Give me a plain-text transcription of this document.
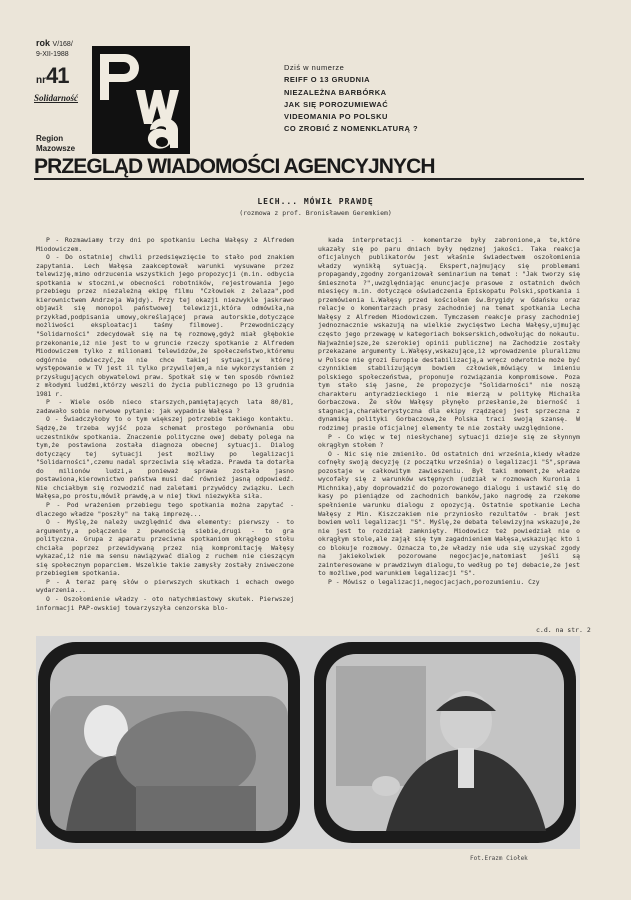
rok V/168/
9-XII-1988
nr41
Solidarność
Region
Mazowsze
Dziś w numerze
REIFF O 13 GRUDNIA
NIEZALEŻNA BARBÓRKA
JAK SIĘ POROZUMIEWAĆ
VIDEOMANIA PO POLSKU
CO ZROBIĆ Z NOMENKLATURĄ ?
PRZEGLĄD WIADOMOŚCI AGENCYJNYCH
LECH... MÓWIŁ PRAWDĘ
(rozmowa z prof. Bronisławem Geremkiem)

P - Rozmawiamy trzy dni po spotkaniu Lecha Wałęsy z Alfredem Miodowiczem.

O - Do ostatniej chwili przedsięwzięcie to stało pod znakiem zapytania. Lech Wałęsa zaakceptował warunki wysuwane przez telewizję,mimo odrzucenia wszystkich jego propozycji (m.in. odbycia spotkania w stoczni,w obecności robotników, rejestrowania jego przebiegu przez niezależną ekipę filmu "Człowiek z żelaza",pod kierownictwem Andrzeja Wajdy). Przy tej okazji niezwykle jaskrawo objawił się monopol państwowej telewizji,która odmówiła,na przykład,podpisania umowy,określającej prawa autorskie,dotyczące możliwości eksploatacji taśmy filmowej. Przewodniczący "Solidarności" zdecydował się na tę rozmowę,gdyż miał głębokie przekonanie,iż nie jest to w gruncie rzeczy spotkanie z Alfredem Miodowiczem tylko z milionami telewidzów,że społeczeństwo,któremu odgórnie odwieczyć,że nie chce takiej sytuacji,w której występowanie w TV jest il tylko przywilejem,a nie wykorzystaniem z przysługujących obywatelowi praw. Spotkał się w ten sposób również z młodymi ludźmi,którzy weszli do życia publicznego po 13 grudnia 1981 r.

P - Wiele osób nieco starszych,pamiętających lata 80/81, zadawało sobie nerwowe pytanie: jak wypadnie Wałęsa ?

O - Świadczyłoby to o tym większej potrzebie takiego kontaktu. Sądzę,że trzeba wyjść poza schemat prostego porównania obu uczestników spotkania. Znaczenie polityczne owej debaty polega na tym,że postawiona została diagnoza obecnej sytuacji. Dialog dotyczący tej sytuacji jest możliwy po legalizacji "Solidarności",czemu nadal sprzeciwia się władza. Prawda ta dotarła do milionów ludzi,a ponieważ sprawa została jasno postawiona,kierownictwo państwa musi dać również jasną odpowiedź. Nie chciałbym się rozwodzić nad zaletami przywódcy związku. Lech Wałęsa,po prostu,mówił prawdę,a w niej tkwi niezwykła siła.

P - Pod wrażeniem przebiegu tego spotkania można zapytać - dlaczego władze "poszły" na taką imprezę...

O - Myślę,że należy uwzględnić dwa elementy: pierwszy - to argumenty,a połączenie z pewnością siebie,drugi - to gra polityczna. Grupa z aparatu przeciwna spotkaniom okrągłego stołu chciała poprzez przewidywaną przez nią kompromitację Wałęsy wykazać,iż nie ma sensu nawiązywać dialog z ruchem nie cieszącym się społecznym poparciem. Wszelkie takie zamysły zostały zniweczone przebiegiem spotkania.

P - A teraz parę słów o pierwszych skutkach i echach owego wydarzenia...

O - Oszołomienie władzy - oto natychmiastowy skutek. Pierwszej informacji PAP-owskiej towarzyszyła cenzorska blo-

kada interpretacji - komentarze były zabronione,a te,które ukazały się po paru dniach były nędznej jakości. Taka reakcja oficjalnych publikatorów jest właśnie świadectwem oszołomienia władzy wynikłą sytuacją. Ekspert,najmujący się problemami propagandy,zgodny zorganizował seminarium na temat : "Jak tworzy się śmiesznota ?",uwzględniając enuncjacje prasowe z ostatnich dwóch miesięcy m.in. dotyczące oświadczenia Episkopatu Polski,spotkania i przemówienia L.Wałęsy przed kościołem św.Brygidy w Gdańsku oraz relacje o komentarzach prasy zachodniej na temat spotkania Lecha Wałęsy z Alfredem Miodowiczem. Tymczasem reakcje prasy zachodniej jednoznacznie wskazują na wielkie zwycięstwo Lecha Wałęsy,ujmując często jego przewagę w kategoriach bokserskich,odwołując do nokautu. Najważniejsze,że szerokiej opinii publicznej na Zachodzie zostały przekazane argumenty L.Wałęsy,wskazujące,iż wprowadzenie pluralizmu w Polsce nie grozi Europie destabilizacją,a wręcz odwrotnie może być czynnikiem stabilizującym bowiem człowiek,mówiący w imieniu polskiego społeczeństwa, proponuje rozwiązania kompromisowe. Poza tym stało się jasne, że propozycje "Solidarności" nie noszą charakteru antyradzieckiego i nie mierzą w politykę Michaiła Gorbaczowa. Że słów Wałęsy płynęło przesłanie,że bierność i stagnacja,charakterystyczna dla ekipy rządzącej jest sprzeczna z dynamiką polityki Gorbaczowa,że Polska traci swoją szansę. W rodzimej prasie oficjalnej elementy te nie zostały uwzględnione.

P - Co więc w tej niesłychanej sytuacji dzieje się ze słynnym okrągłym stołem ?

O - Nic się nie zmieniło. Od ostatnich dni września,kiedy władze cofnęły swoją decyzję (z początku września) o legalizacji "S",sprawa pozostaje w całkowitym zawieszeniu. Był taki moment,że władze wycofały się z warunków wstępnych (udział w rozmowach Kuronia i Michnika),aby doprowadzić do pozorowanego dialogu i ustawić się do kasy po pieniądze od zachodnich banków,jako nagrodę za rzekome spełnienie warunku dialogu z opozycją. Ostatnie spotkanie Lecha Wałęsy z Min. Kiszczakiem nie przyniosło rezultatów - brak jest bowiem woli legalizacji "S". Myślę,że debata telewizyjna wskazuje,że nie jest to rozdział zamknięty. Miodowicz też powiedział nie o okrągłym stole,ale zajął się tym zagadnieniem Wałęsa,wskazując kto i co blokuje rozmowy. Oznacza to,że władzy nie uda się uzyskać zgody na jakiekolwiek pozorowane negocjacje,natomiast jeśli są zainteresowane w prawdziwym dialogu,to według po tej debacie,że jest to możliwe,pod warunkiem legalizacji "S".

P - Mówisz o legalizacji,negocjacjach,porozumieniu. Czy

c.d. na str. 2
Fot.Erazm Ciołek
